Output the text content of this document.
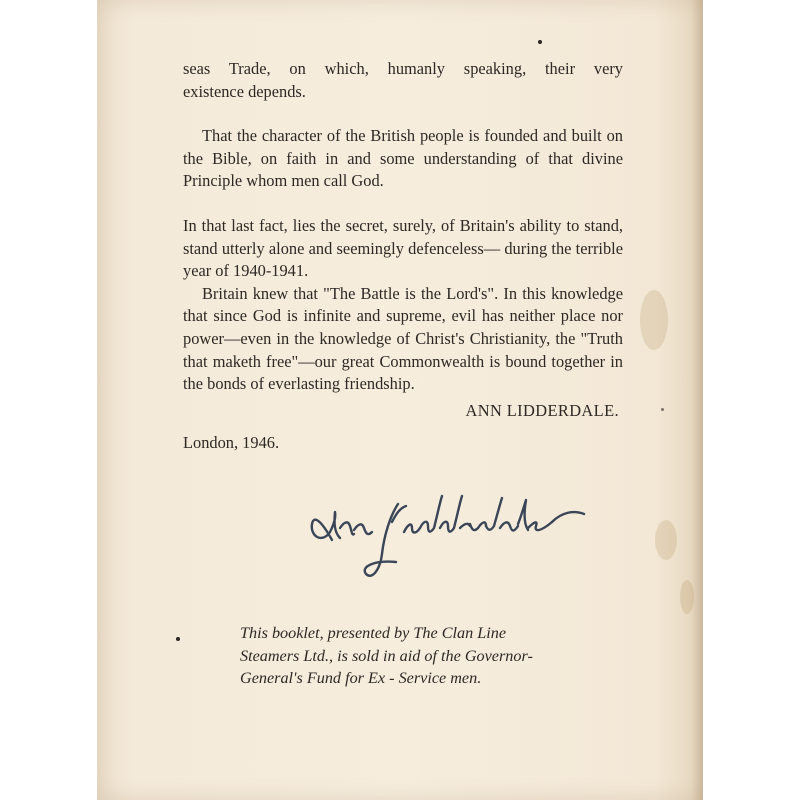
seas Trade, on which, humanly speaking, their very
existence depends.

That the character of the British people is founded and built on the Bible, on faith in and some understanding of that divine Principle whom men call God.

In that last fact, lies the secret, surely, of Britain's ability to stand, stand utterly alone and seemingly defenceless— during the terrible year of 1940-1941.

Britain knew that "The Battle is the Lord's". In this knowledge that since God is infinite and supreme, evil has neither place nor power—even in the knowledge of Christ's Christianity, the "Truth that maketh free"—our great Commonwealth is bound together in the bonds of everlasting friendship.

ANN LIDDERDALE.

London, 1946.

This booklet, presented by The Clan Line
Steamers Ltd., is sold in aid of the Governor-
General's Fund for Ex - Service men.
